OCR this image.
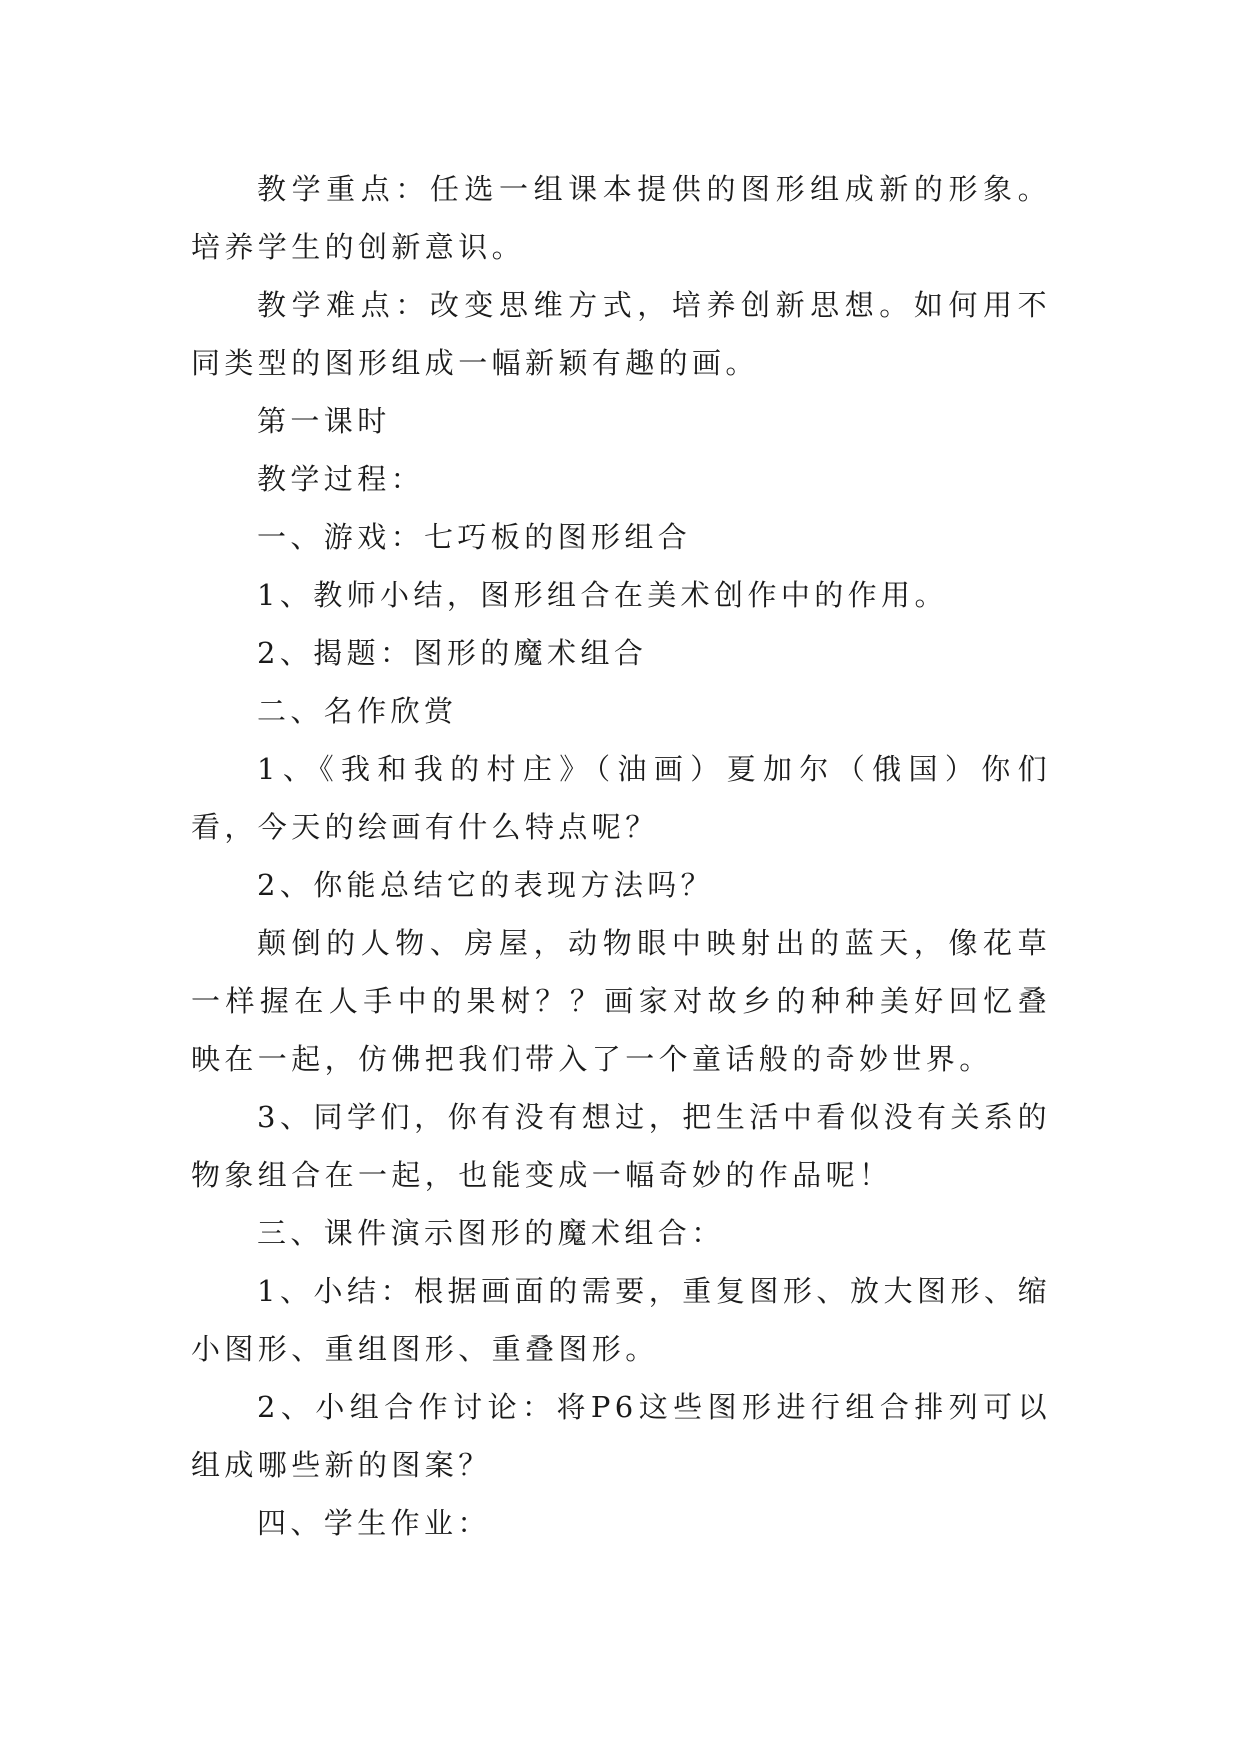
教学重点：任选一组课本提供的图形组成新的形象。培养学生的创新意识。

教学难点：改变思维方式，培养创新思想。如何用不同类型的图形组成一幅新颖有趣的画。

第一课时

教学过程：

一、游戏：七巧板的图形组合

1、教师小结，图形组合在美术创作中的作用。

2、揭题：图形的魔术组合

二、名作欣赏

1、《我和我的村庄》（油画）夏加尔（俄国）你们看，今天的绘画有什么特点呢？

2、你能总结它的表现方法吗？

颠倒的人物、房屋，动物眼中映射出的蓝天，像花草一样握在人手中的果树？？画家对故乡的种种美好回忆叠映在一起，仿佛把我们带入了一个童话般的奇妙世界。

3、同学们，你有没有想过，把生活中看似没有关系的物象组合在一起，也能变成一幅奇妙的作品呢！

三、课件演示图形的魔术组合：

1、小结：根据画面的需要，重复图形、放大图形、缩小图形、重组图形、重叠图形。

2、小组合作讨论：将P6这些图形进行组合排列可以组成哪些新的图案？

四、学生作业：
